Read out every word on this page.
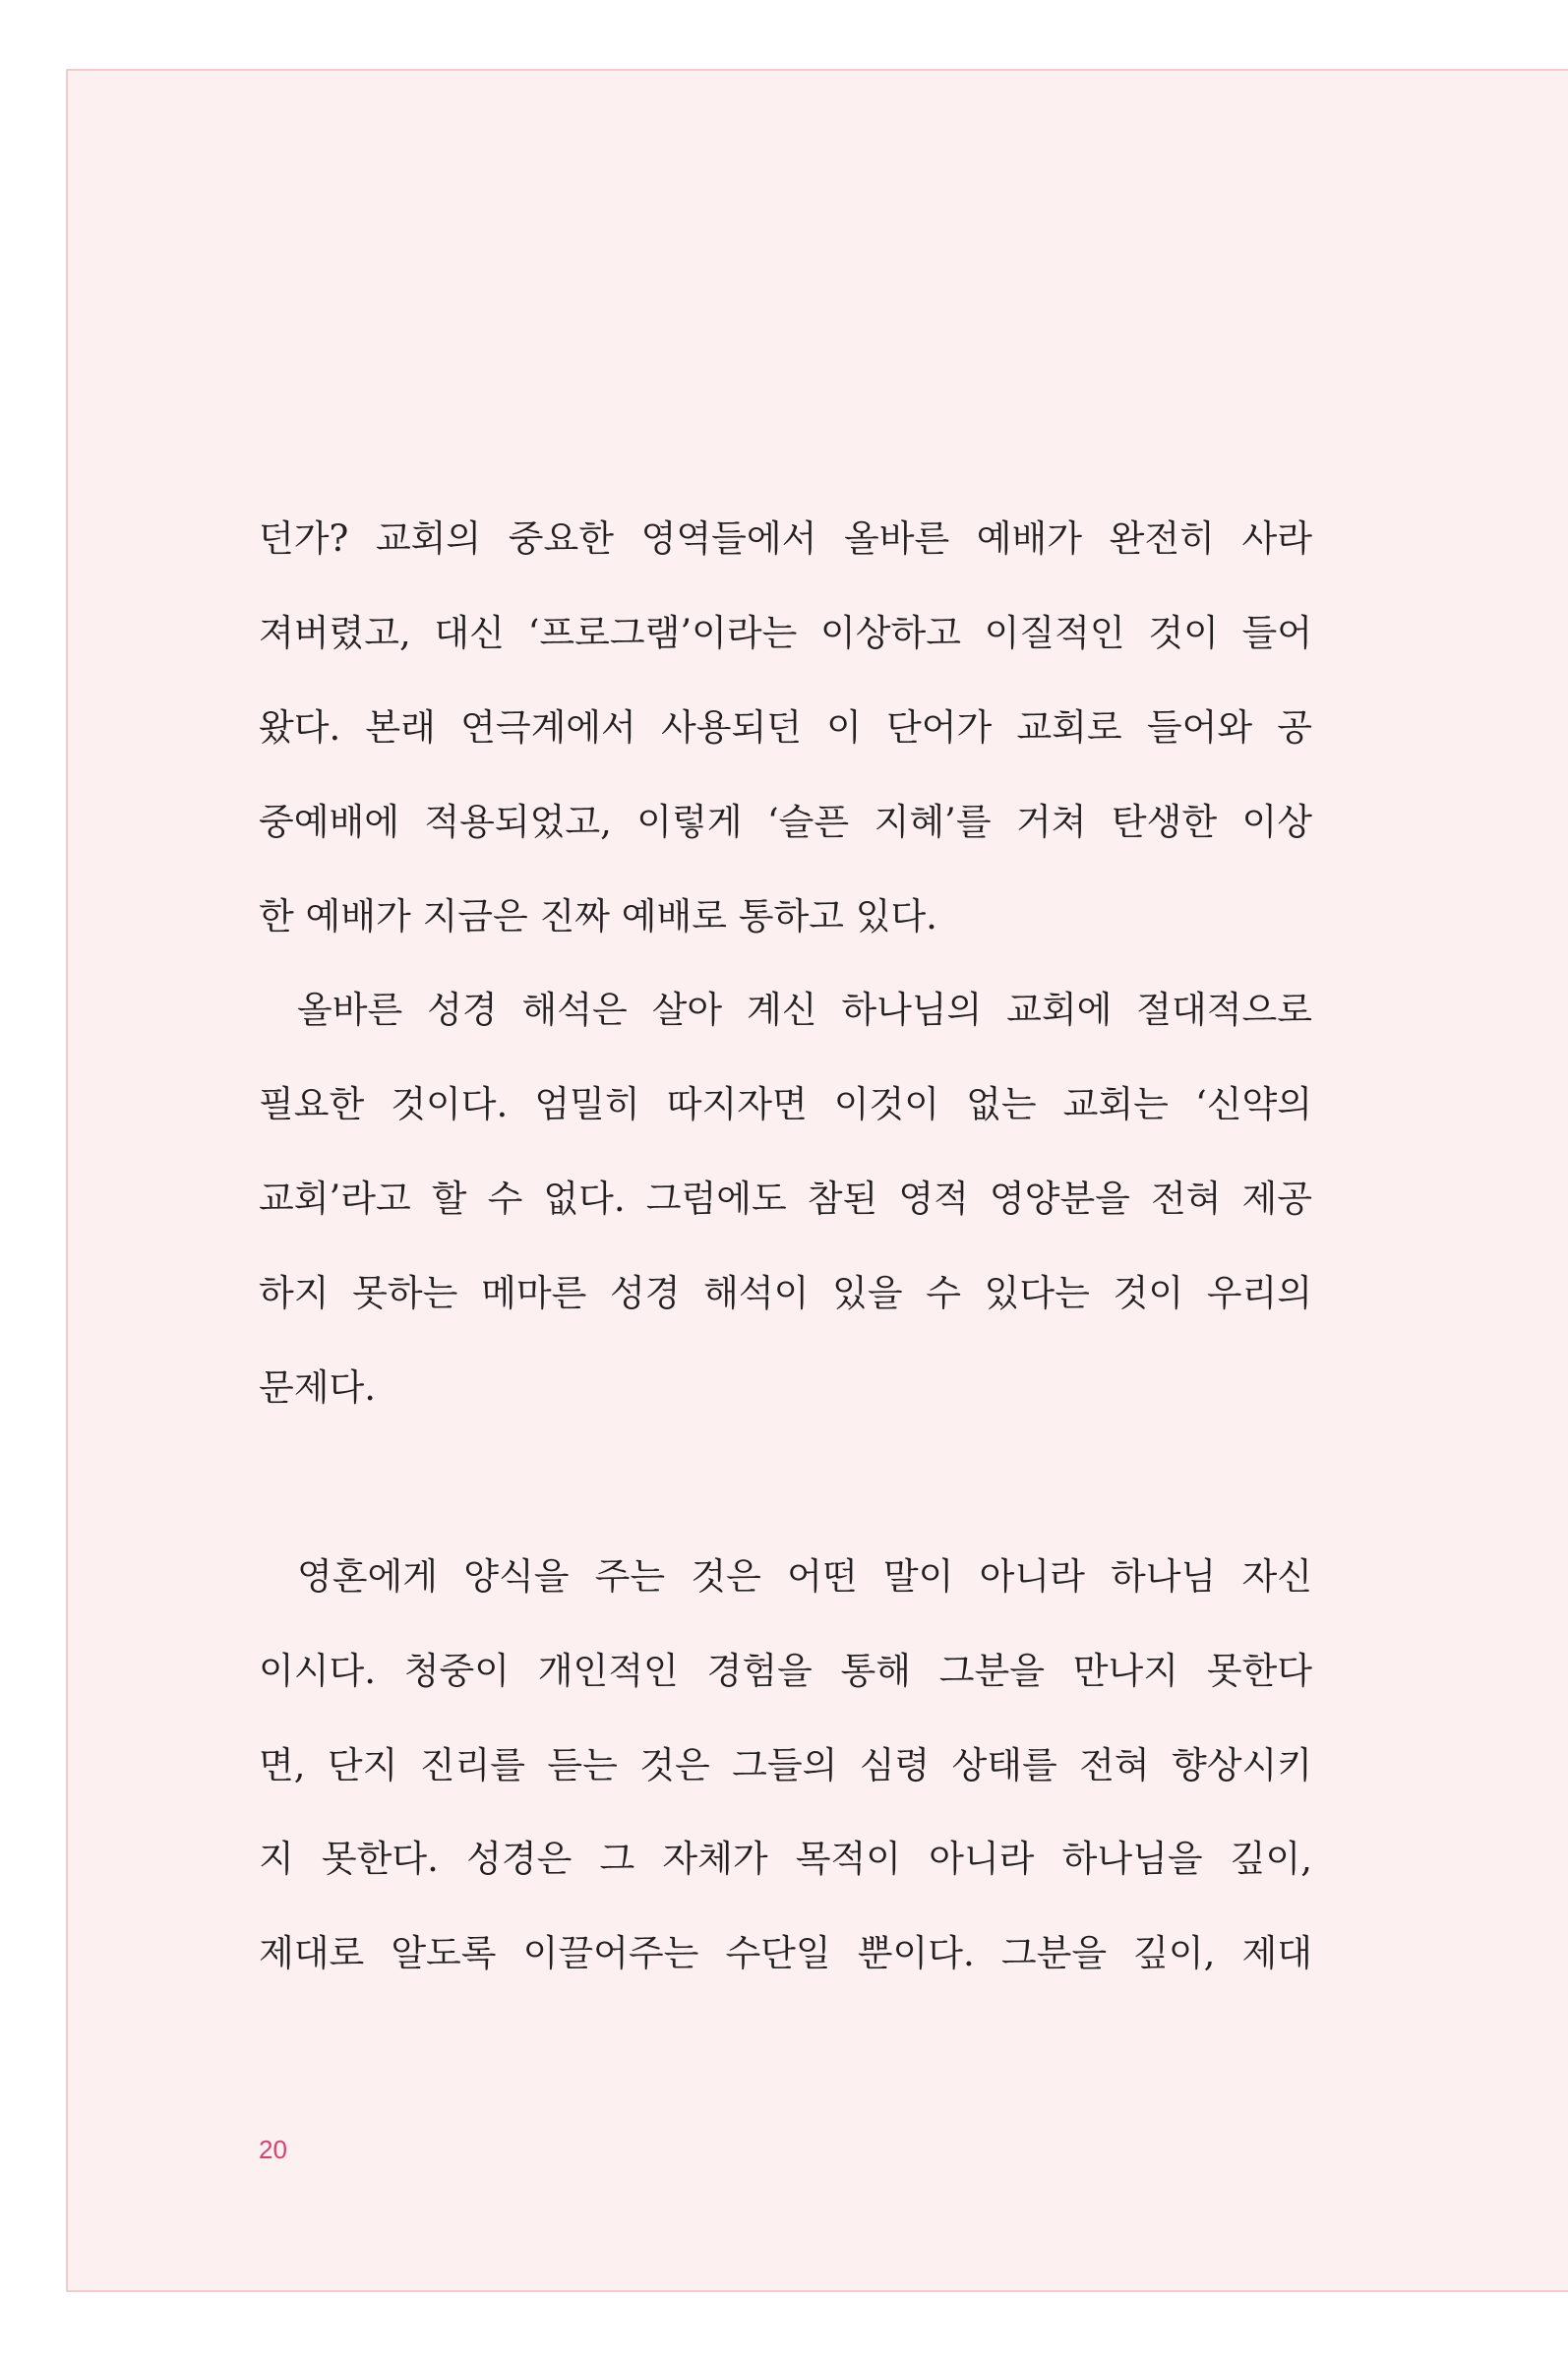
던가? 교회의 중요한 영역들에서 올바른 예배가 완전히 사라
져버렸고, 대신 ‘프로그램’이라는 이상하고 이질적인 것이 들어
왔다. 본래 연극계에서 사용되던 이 단어가 교회로 들어와 공
중예배에 적용되었고, 이렇게 ‘슬픈 지혜’를 거쳐 탄생한 이상
한 예배가 지금은 진짜 예배로 통하고 있다.
올바른 성경 해석은 살아 계신 하나님의 교회에 절대적으로
필요한 것이다. 엄밀히 따지자면 이것이 없는 교회는 ‘신약의
교회’라고 할 수 없다. 그럼에도 참된 영적 영양분을 전혀 제공
하지 못하는 메마른 성경 해석이 있을 수 있다는 것이 우리의
문제다.
영혼에게 양식을 주는 것은 어떤 말이 아니라 하나님 자신
이시다. 청중이 개인적인 경험을 통해 그분을 만나지 못한다
면, 단지 진리를 듣는 것은 그들의 심령 상태를 전혀 향상시키
지 못한다. 성경은 그 자체가 목적이 아니라 하나님을 깊이,
제대로 알도록 이끌어주는 수단일 뿐이다. 그분을 깊이, 제대
20
